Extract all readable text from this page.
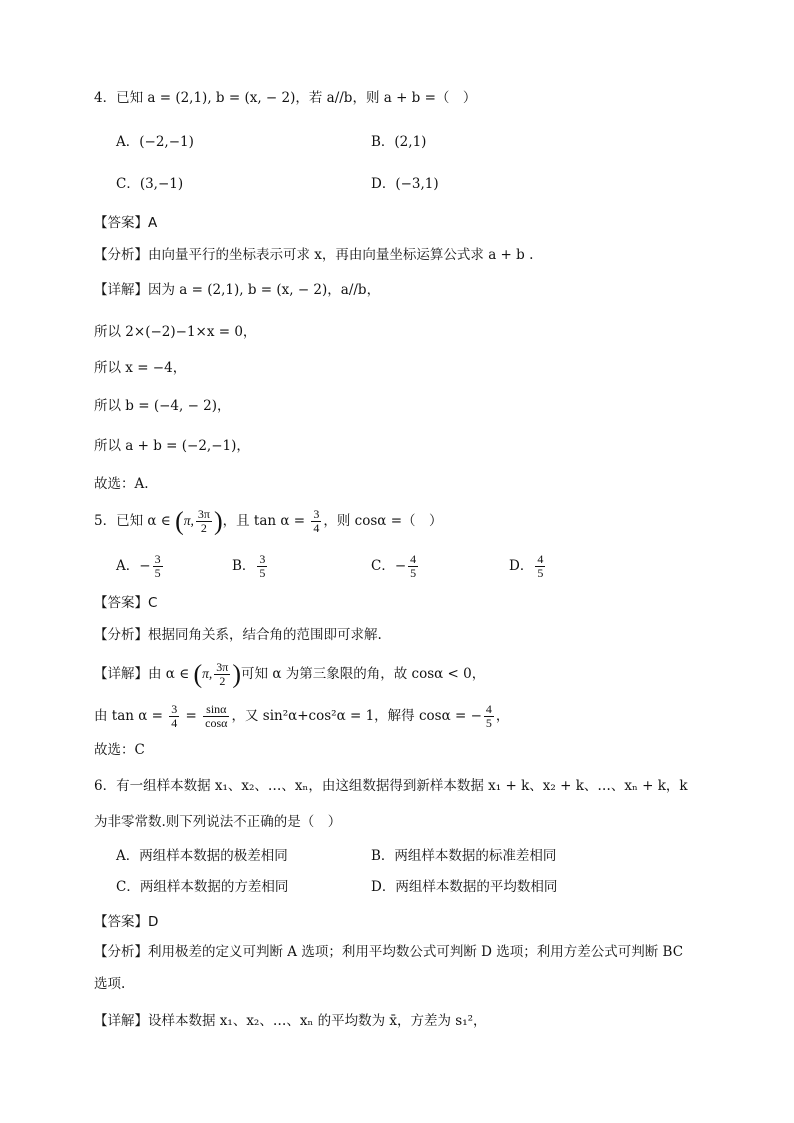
4．已知 a = (2,1), b = (x, − 2)，若 a//b，则 a + b =（　）
A．(−2,−1)	B．(2,1)
C．(3,−1)	D．(−3,1)
【答案】A
【分析】由向量平行的坐标表示可求 x，再由向量坐标运算公式求 a + b .
【详解】因为 a = (2,1), b = (x, − 2)，a//b，
所以 2×(−2)−1×x = 0，
所以 x = −4，
所以 b = (−4, − 2)，
所以 a + b = (−2,−1)，
故选：A.
5．已知 α ∈ (π, $\frac{3\pi}{2}$ )，且 $\tan \alpha = \frac{3}{4}$ ，则 cosα =（　）
A．− $\frac{3}{5}$	B． $\frac{3}{5}$	C．− $\frac{4}{5}$	D． $\frac{4}{5}$
【答案】C
【分析】根据同角关系，结合角的范围即可求解.
【详解】由 α ∈ (π, $\frac{3\pi}{2}$ )可知 α 为第三象限的角，故 cosα < 0，
由 $\tan \alpha = \frac{3}{4} = \frac{\sin\alpha}{\cos\alpha}$ ，又 sin²α+cos²α = 1，解得 cosα = − $\frac{4}{5}$ ，
故选：C
6．有一组样本数据 x₁、x₂、…、xₙ，由这组数据得到新样本数据 x₁ + k、x₂ + k、…、xₙ + k，k
为非零常数.则下列说法不正确的是（　）
A．两组样本数据的极差相同	B．两组样本数据的标准差相同
C．两组样本数据的方差相同	D．两组样本数据的平均数相同
【答案】D
【分析】利用极差的定义可判断 A 选项；利用平均数公式可判断 D 选项；利用方差公式可判断 BC
选项.
【详解】设样本数据 x₁、x₂、…、xₙ 的平均数为 x̄，方差为 s₁²，
